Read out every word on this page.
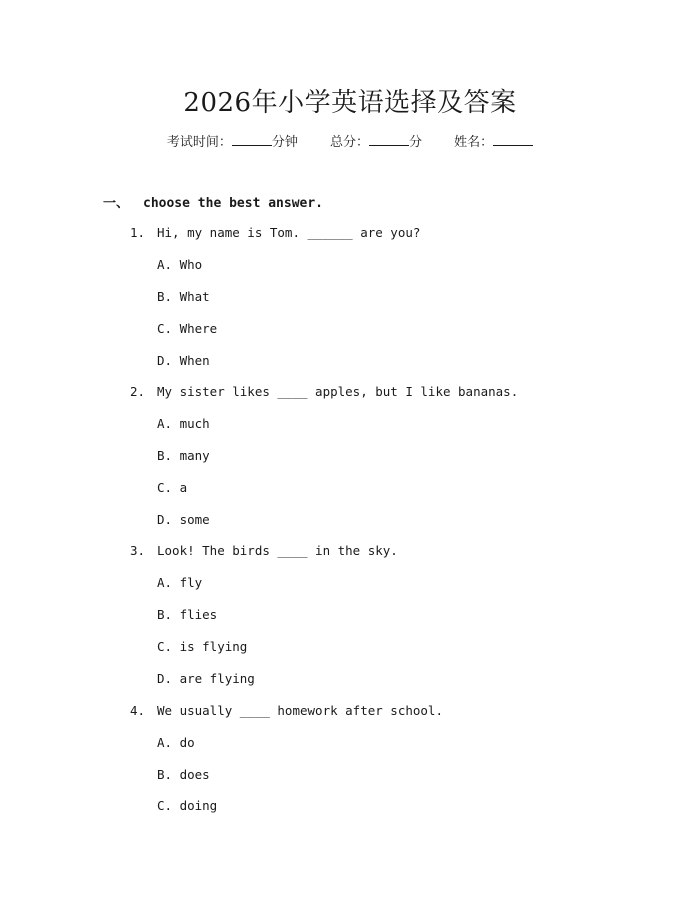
2026年小学英语选择及答案
考试时间：	分钟 总分：	分 姓名：
一、 choose the best answer.
1. Hi, my name is Tom. ______ are you?
A. Who
B. What
C. Where
D. When
2. My sister likes ____ apples, but I like bananas.
A. much
B. many
C. a
D. some
3. Look! The birds ____ in the sky.
A. fly
B. flies
C. is flying
D. are flying
4. We usually ____ homework after school.
A. do
B. does
C. doing
